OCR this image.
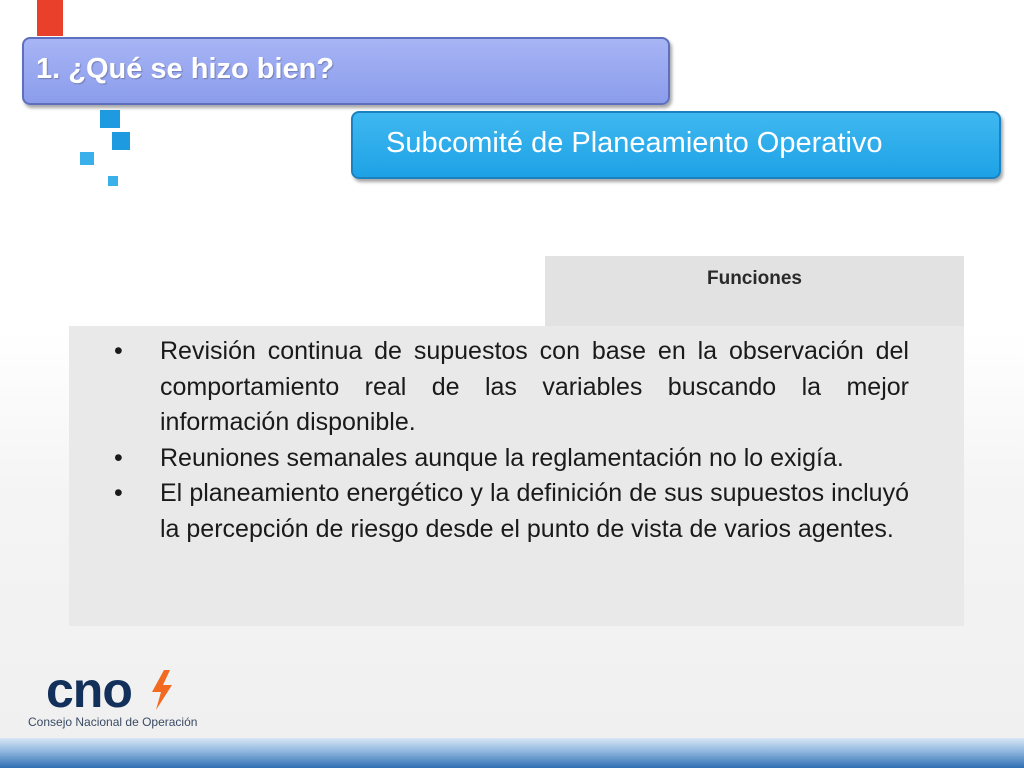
1. ¿Qué se hizo bien?
Subcomité de Planeamiento Operativo
Funciones
• Revisión continua de supuestos con base en la observación del comportamiento real de las variables buscando la mejor información disponible.
• Reuniones semanales aunque la reglamentación no lo exigía.
• El planeamiento energético y la definición de sus supuestos incluyó la percepción de riesgo desde el punto de vista de varios agentes.
cno
Consejo Nacional de Operación
